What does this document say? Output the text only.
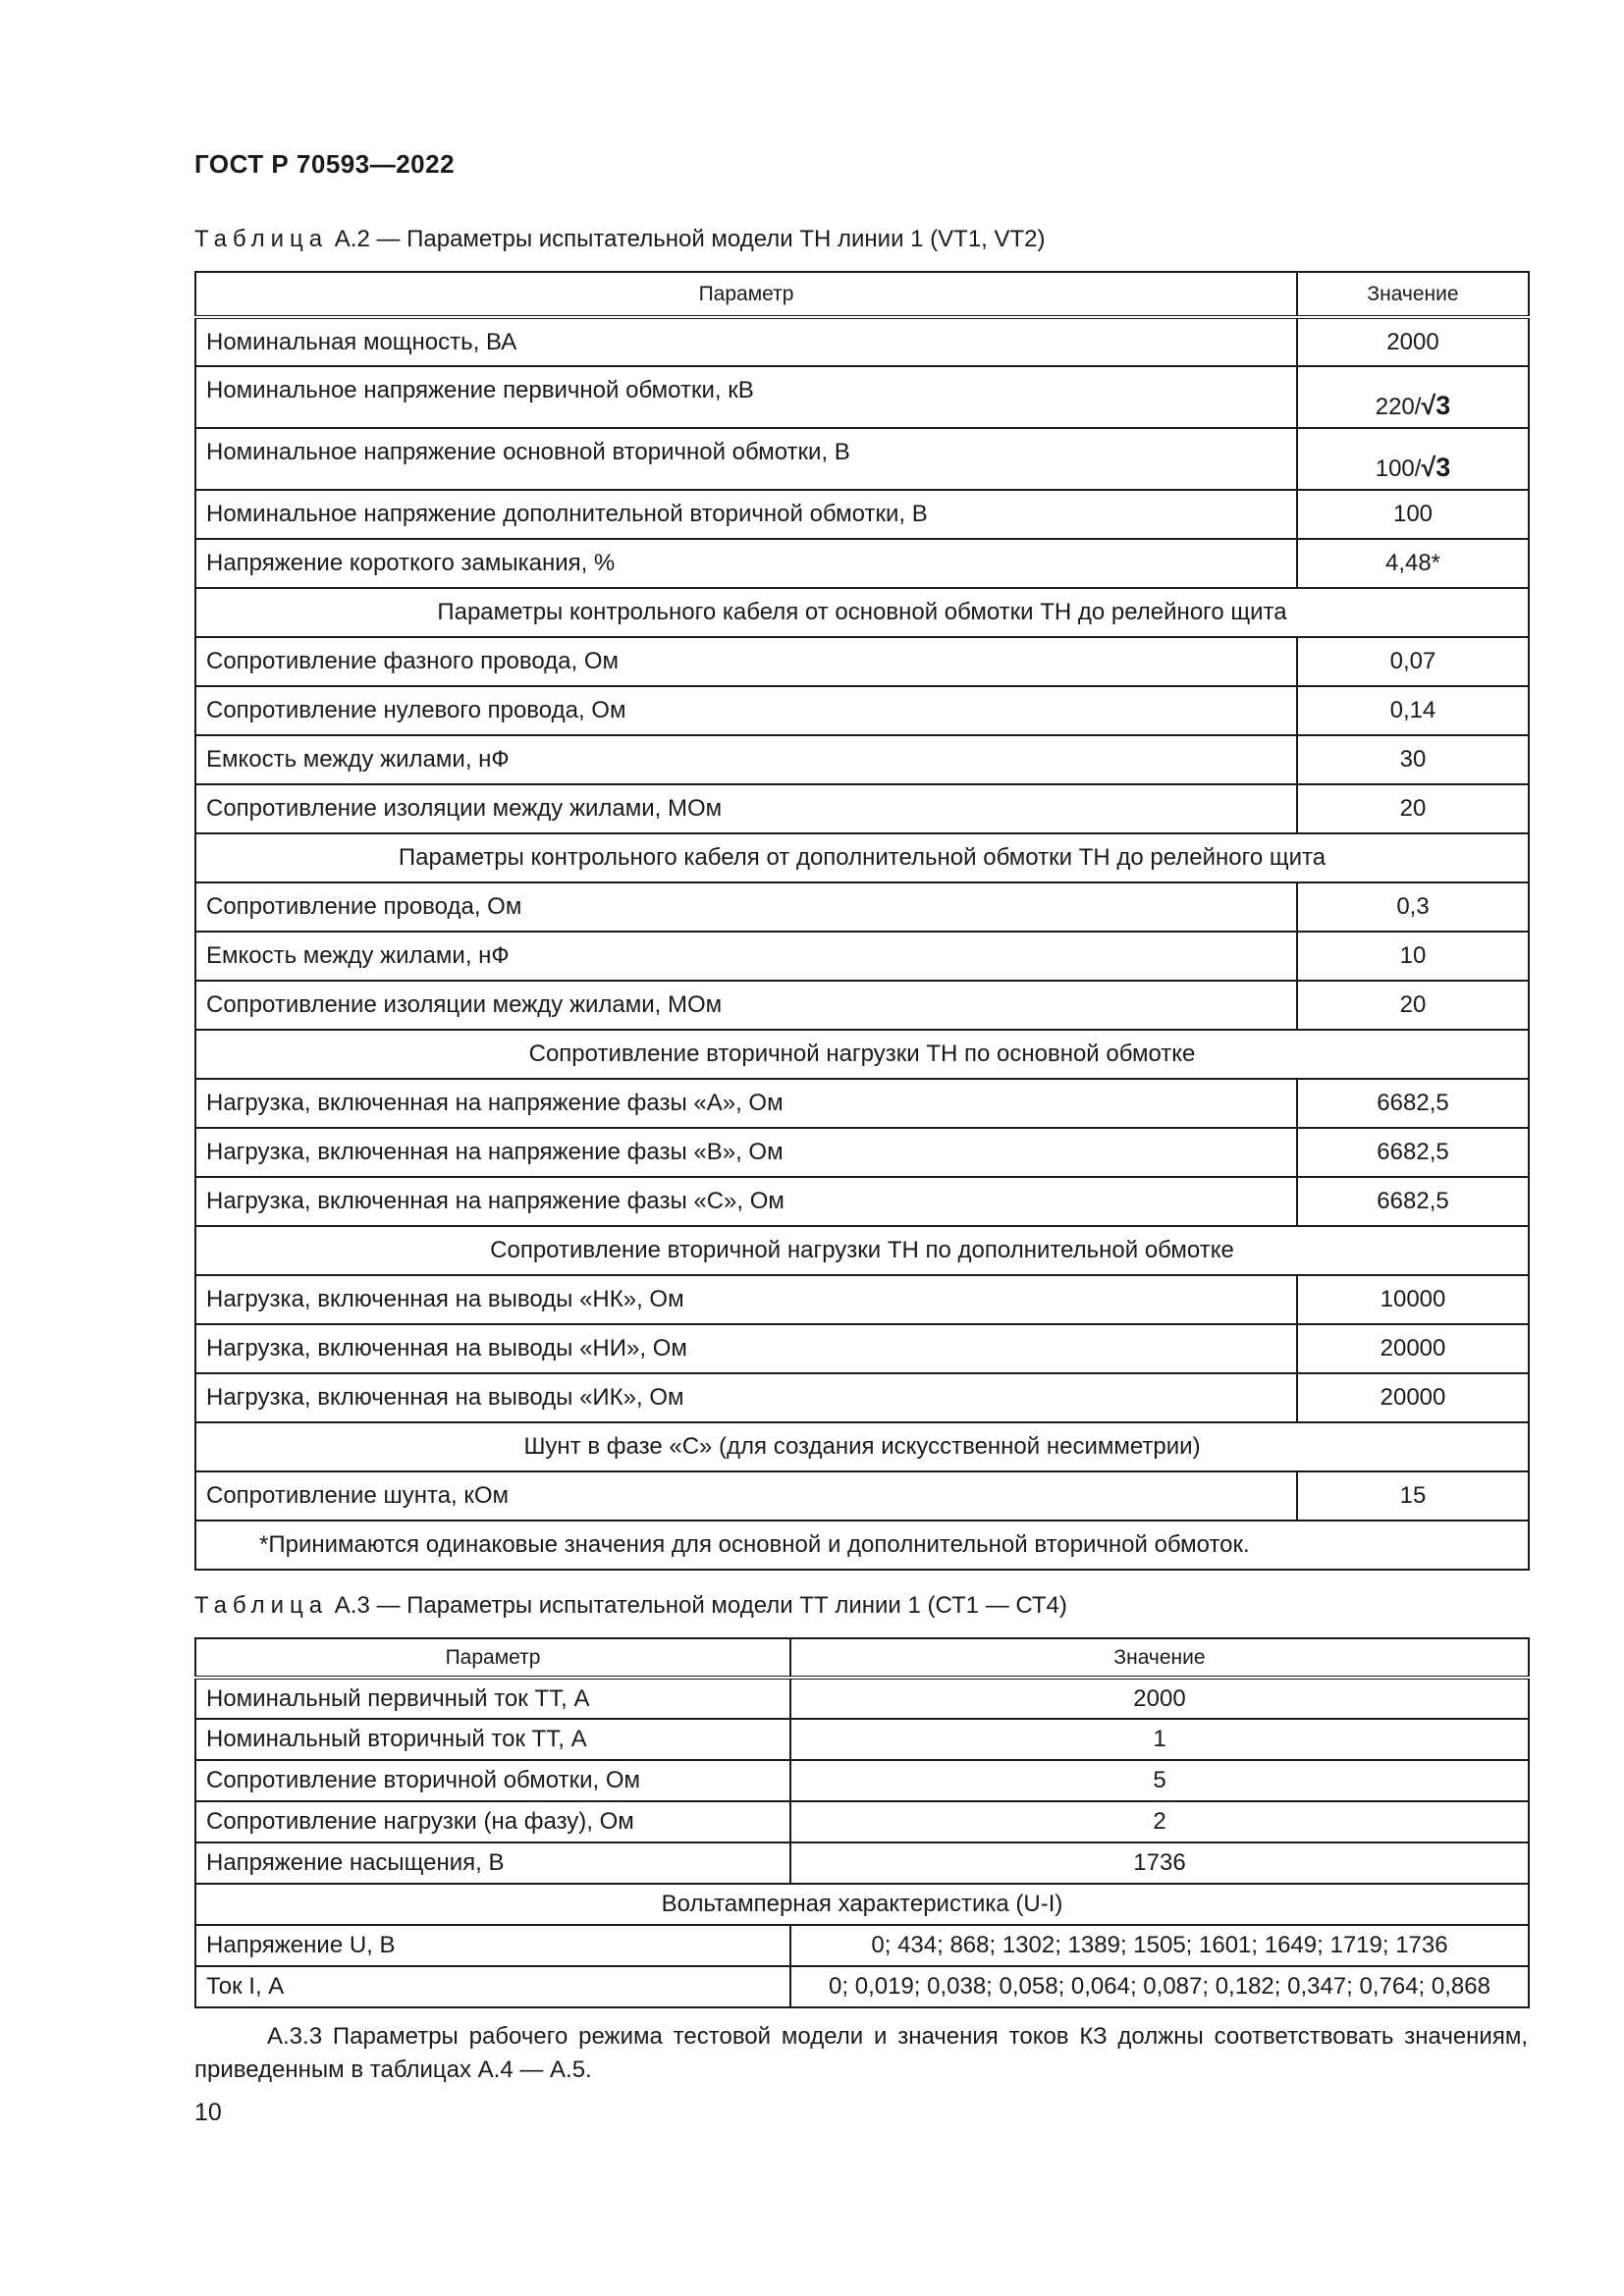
ГОСТ Р 70593—2022
Таблица А.2 — Параметры испытательной модели ТН линии 1 (VT1, VT2)
Параметр	Значение
Номинальная мощность, ВА	2000
Номинальное напряжение первичной обмотки, кВ	220/√3
Номинальное напряжение основной вторичной обмотки, В	100/√3
Номинальное напряжение дополнительной вторичной обмотки, В	100
Напряжение короткого замыкания, %	4,48*
Параметры контрольного кабеля от основной обмотки ТН до релейного щита	
Сопротивление фазного провода, Ом	0,07
Сопротивление нулевого провода, Ом	0,14
Емкость между жилами, нФ	30
Сопротивление изоляции между жилами, МОм	20
Параметры контрольного кабеля от дополнительной обмотки ТН до релейного щита	
Сопротивление провода, Ом	0,3
Емкость между жилами, нФ	10
Сопротивление изоляции между жилами, МОм	20
Сопротивление вторичной нагрузки ТН по основной обмотке	
Нагрузка, включенная на напряжение фазы «А», Ом	6682,5
Нагрузка, включенная на напряжение фазы «В», Ом	6682,5
Нагрузка, включенная на напряжение фазы «С», Ом	6682,5
Сопротивление вторичной нагрузки ТН по дополнительной обмотке	
Нагрузка, включенная на выводы «НК», Ом	10000
Нагрузка, включенная на выводы «НИ», Ом	20000
Нагрузка, включенная на выводы «ИК», Ом	20000
Шунт в фазе «С» (для создания искусственной несимметрии)	
Сопротивление шунта, кОм	15
*Принимаются одинаковые значения для основной и дополнительной вторичной обмоток.	
Таблица А.3 — Параметры испытательной модели ТТ линии 1 (СТ1 — СТ4)
Параметр	Значение
Номинальный первичный ток ТТ, А	2000
Номинальный вторичный ток ТТ, А	1
Сопротивление вторичной обмотки, Ом	5
Сопротивление нагрузки (на фазу), Ом	2
Напряжение насыщения, В	1736
Вольтамперная характеристика (U-I)	
Напряжение U, В	0; 434; 868; 1302; 1389; 1505; 1601; 1649; 1719; 1736
Ток I, А	0; 0,019; 0,038; 0,058; 0,064; 0,087; 0,182; 0,347; 0,764; 0,868
А.3.3 Параметры рабочего режима тестовой модели и значения токов КЗ должны соответствовать значениям, приведенным в таблицах А.4 — А.5.
10
